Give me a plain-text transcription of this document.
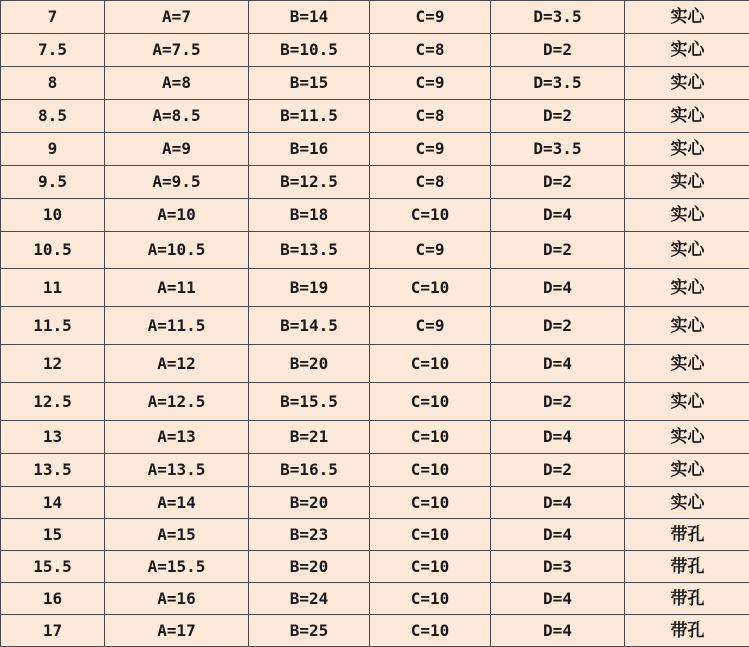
7	A=7	B=14	C=9	D=3.5	实心
7.5	A=7.5	B=10.5	C=8	D=2	实心
8	A=8	B=15	C=9	D=3.5	实心
8.5	A=8.5	B=11.5	C=8	D=2	实心
9	A=9	B=16	C=9	D=3.5	实心
9.5	A=9.5	B=12.5	C=8	D=2	实心
10	A=10	B=18	C=10	D=4	实心
10.5	A=10.5	B=13.5	C=9	D=2	实心
11	A=11	B=19	C=10	D=4	实心
11.5	A=11.5	B=14.5	C=9	D=2	实心
12	A=12	B=20	C=10	D=4	实心
12.5	A=12.5	B=15.5	C=10	D=2	实心
13	A=13	B=21	C=10	D=4	实心
13.5	A=13.5	B=16.5	C=10	D=2	实心
14	A=14	B=20	C=10	D=4	实心
15	A=15	B=23	C=10	D=4	带孔
15.5	A=15.5	B=20	C=10	D=3	带孔
16	A=16	B=24	C=10	D=4	带孔
17	A=17	B=25	C=10	D=4	带孔
